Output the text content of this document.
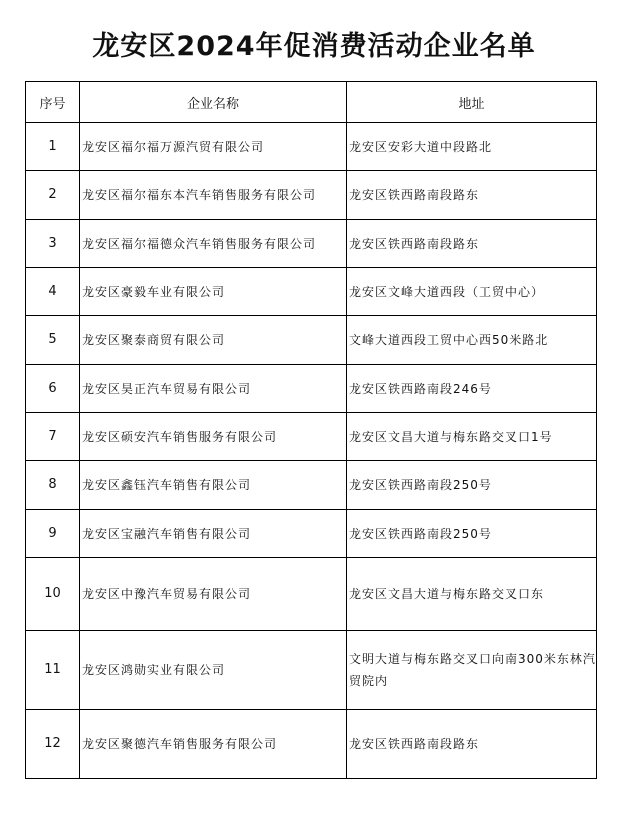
龙安区2024年促消费活动企业名单
序号	企业名称	地址
1	龙安区福尔福万源汽贸有限公司	龙安区安彩大道中段路北
2	龙安区福尔福东本汽车销售服务有限公司	龙安区铁西路南段路东
3	龙安区福尔福德众汽车销售服务有限公司	龙安区铁西路南段路东
4	龙安区豪毅车业有限公司	龙安区文峰大道西段（工贸中心）
5	龙安区聚泰商贸有限公司	文峰大道西段工贸中心西50米路北
6	龙安区昊正汽车贸易有限公司	龙安区铁西路南段246号
7	龙安区硕安汽车销售服务有限公司	龙安区文昌大道与梅东路交叉口1号
8	龙安区鑫钰汽车销售有限公司	龙安区铁西路南段250号
9	龙安区宝融汽车销售有限公司	龙安区铁西路南段250号
10	龙安区中豫汽车贸易有限公司	龙安区文昌大道与梅东路交叉口东
11	龙安区鸿勋实业有限公司	文明大道与梅东路交叉口向南300米东林汽贸院内
12	龙安区聚德汽车销售服务有限公司	龙安区铁西路南段路东
